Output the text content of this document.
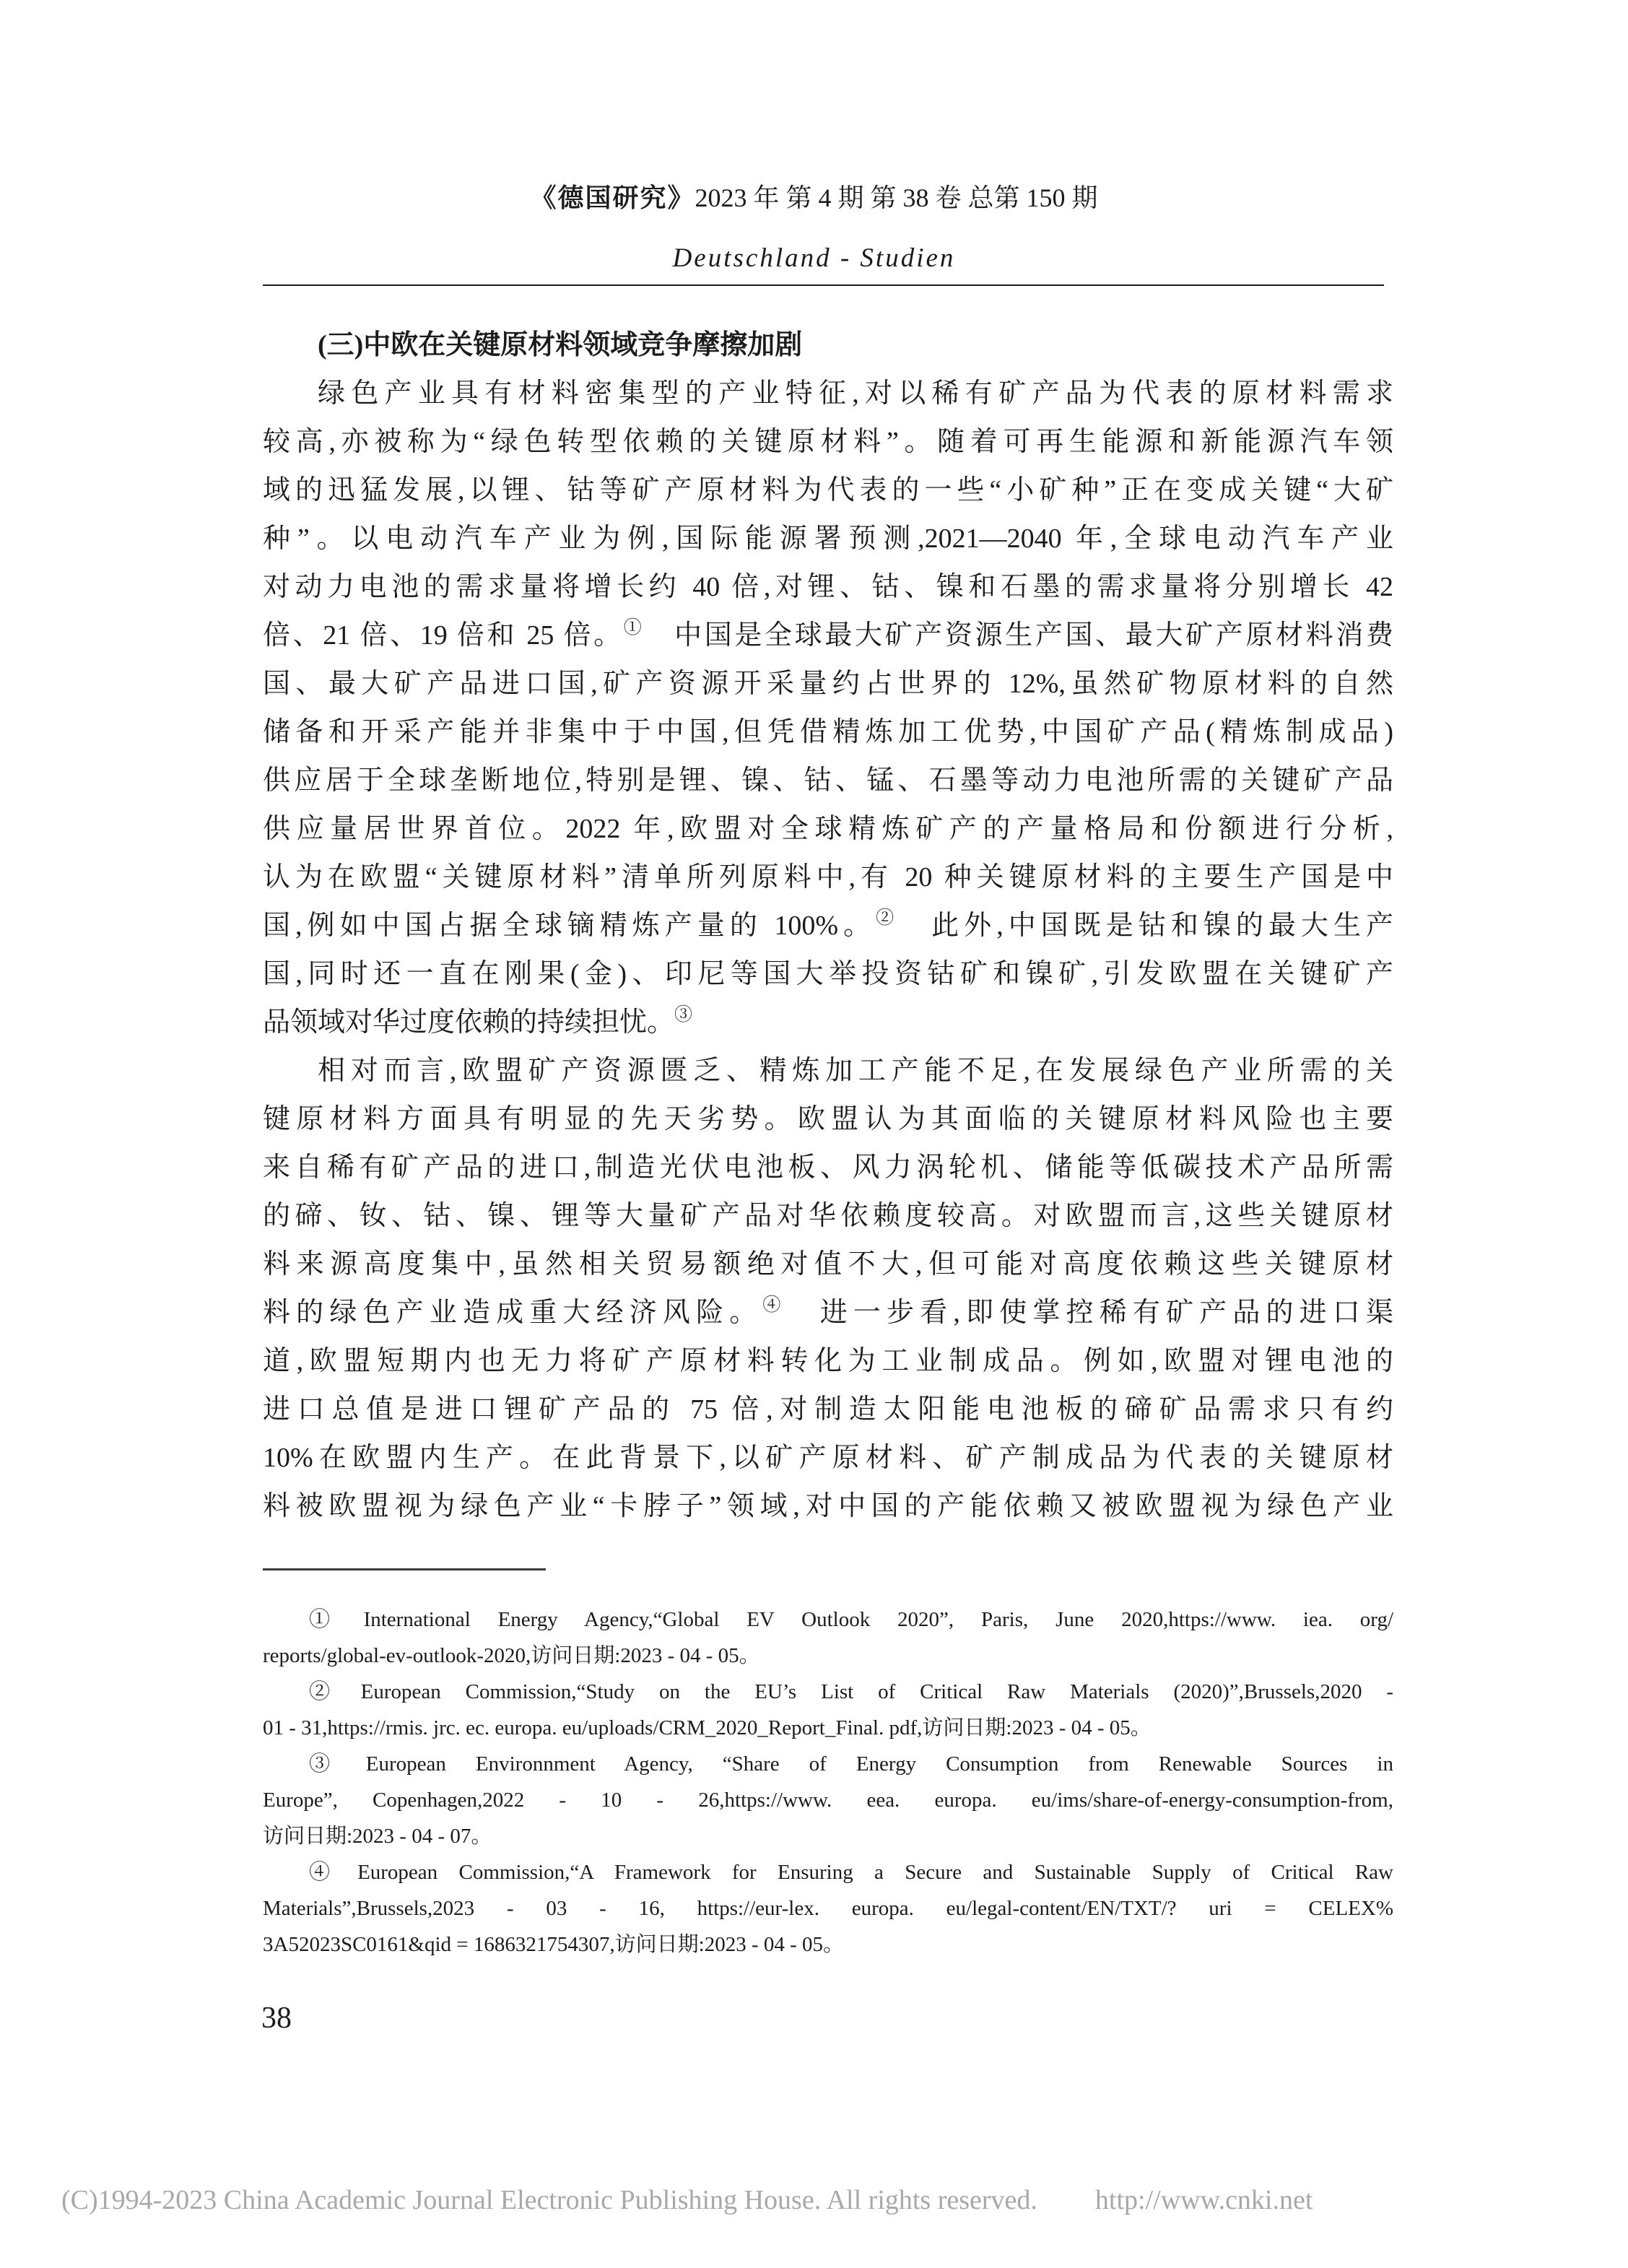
《德国研究》2023 年 第 4 期 第 38 卷 总第 150 期
Deutschland - Studien
(三)中欧在关键原材料领域竞争摩擦加剧
绿色产业具有材料密集型的产业特征,对以稀有矿产品为代表的原材料需求
较高,亦被称为“绿色转型依赖的关键原材料”。随着可再生能源和新能源汽车领
域的迅猛发展,以锂、钴等矿产原材料为代表的一些“小矿种”正在变成关键“大矿
种”。以电动汽车产业为例,国际能源署预测,2021—2040 年,全球电动汽车产业
对动力电池的需求量将增长约 40 倍,对锂、钴、镍和石墨的需求量将分别增长 42
倍、21 倍、19 倍和 25 倍。①　中国是全球最大矿产资源生产国、最大矿产原材料消费
国、最大矿产品进口国,矿产资源开采量约占世界的 12%,虽然矿物原材料的自然
储备和开采产能并非集中于中国,但凭借精炼加工优势,中国矿产品(精炼制成品)
供应居于全球垄断地位,特别是锂、镍、钴、锰、石墨等动力电池所需的关键矿产品
供应量居世界首位。2022 年,欧盟对全球精炼矿产的产量格局和份额进行分析,
认为在欧盟“关键原材料”清单所列原料中,有 20 种关键原材料的主要生产国是中
国,例如中国占据全球镝精炼产量的 100%。②　此外,中国既是钴和镍的最大生产
国,同时还一直在刚果(金)、印尼等国大举投资钴矿和镍矿,引发欧盟在关键矿产
品领域对华过度依赖的持续担忧。③
相对而言,欧盟矿产资源匮乏、精炼加工产能不足,在发展绿色产业所需的关
键原材料方面具有明显的先天劣势。欧盟认为其面临的关键原材料风险也主要
来自稀有矿产品的进口,制造光伏电池板、风力涡轮机、储能等低碳技术产品所需
的碲、钕、钴、镍、锂等大量矿产品对华依赖度较高。对欧盟而言,这些关键原材
料来源高度集中,虽然相关贸易额绝对值不大,但可能对高度依赖这些关键原材
料的绿色产业造成重大经济风险。④　进一步看,即使掌控稀有矿产品的进口渠
道,欧盟短期内也无力将矿产原材料转化为工业制成品。例如,欧盟对锂电池的
进口总值是进口锂矿产品的 75 倍,对制造太阳能电池板的碲矿品需求只有约
10%在欧盟内生产。在此背景下,以矿产原材料、矿产制成品为代表的关键原材
料被欧盟视为绿色产业“卡脖子”领域,对中国的产能依赖又被欧盟视为绿色产业
① International Energy Agency,“Global EV Outlook 2020”, Paris, June 2020,https://www. iea. org/
reports/global-ev-outlook-2020,访问日期:2023 - 04 - 05。
② European Commission,“Study on the EU’s List of Critical Raw Materials (2020)”,Brussels,2020 -
01 - 31,https://rmis. jrc. ec. europa. eu/uploads/CRM_2020_Report_Final. pdf,访问日期:2023 - 04 - 05。
③ European Environnment Agency, “Share of Energy Consumption from Renewable Sources in
Europe”, Copenhagen,2022 - 10 - 26,https://www. eea. europa. eu/ims/share-of-energy-consumption-from,
访问日期:2023 - 04 - 07。
④ European Commission,“A Framework for Ensuring a Secure and Sustainable Supply of Critical Raw
Materials”,Brussels,2023 - 03 - 16, https://eur-lex. europa. eu/legal-content/EN/TXT/? uri = CELEX%
3A52023SC0161&qid = 1686321754307,访问日期:2023 - 04 - 05。
38
(C)1994-2023 China Academic Journal Electronic Publishing House. All rights reserved. http://www.cnki.net
